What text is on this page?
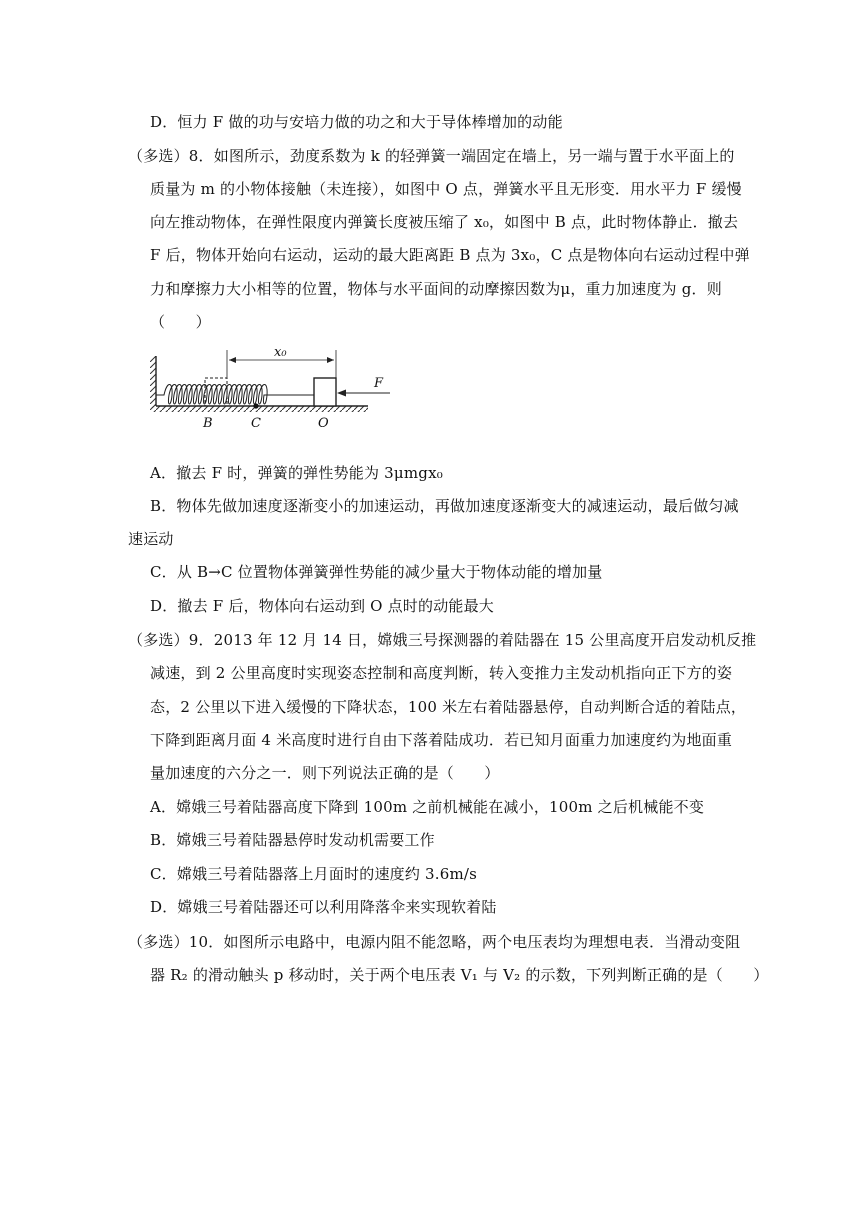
D．恒力 F 做的功与安培力做的功之和大于导体棒增加的动能
（多选）8．如图所示，劲度系数为 k 的轻弹簧一端固定在墙上，另一端与置于水平面上的
质量为 m 的小物体接触（未连接），如图中 O 点，弹簧水平且无形变．用水平力 F 缓慢
向左推动物体，在弹性限度内弹簧长度被压缩了 x₀，如图中 B 点，此时物体静止．撤去
F 后，物体开始向右运动，运动的最大距离距 B 点为 3x₀，C 点是物体向右运动过程中弹
力和摩擦力大小相等的位置，物体与水平面间的动摩擦因数为μ，重力加速度为 g．则
（　　）
x₀
F
B	C	O
A．撤去 F 时，弹簧的弹性势能为 3μmgx₀
B．物体先做加速度逐渐变小的加速运动，再做加速度逐渐变大的减速运动，最后做匀减
速运动
C．从 B→C 位置物体弹簧弹性势能的减少量大于物体动能的增加量
D．撤去 F 后，物体向右运动到 O 点时的动能最大
（多选）9．2013 年 12 月 14 日，嫦娥三号探测器的着陆器在 15 公里高度开启发动机反推
减速，到 2 公里高度时实现姿态控制和高度判断，转入变推力主发动机指向正下方的姿
态，2 公里以下进入缓慢的下降状态，100 米左右着陆器悬停，自动判断合适的着陆点，
下降到距离月面 4 米高度时进行自由下落着陆成功．若已知月面重力加速度约为地面重
量加速度的六分之一．则下列说法正确的是（　　）
A．嫦娥三号着陆器高度下降到 100m 之前机械能在减小，100m 之后机械能不变
B．嫦娥三号着陆器悬停时发动机需要工作
C．嫦娥三号着陆器落上月面时的速度约 3.6m/s
D．嫦娥三号着陆器还可以利用降落伞来实现软着陆
（多选）10．如图所示电路中，电源内阻不能忽略，两个电压表均为理想电表．当滑动变阻
器 R₂ 的滑动触头 p 移动时，关于两个电压表 V₁ 与 V₂ 的示数，下列判断正确的是（　　）
